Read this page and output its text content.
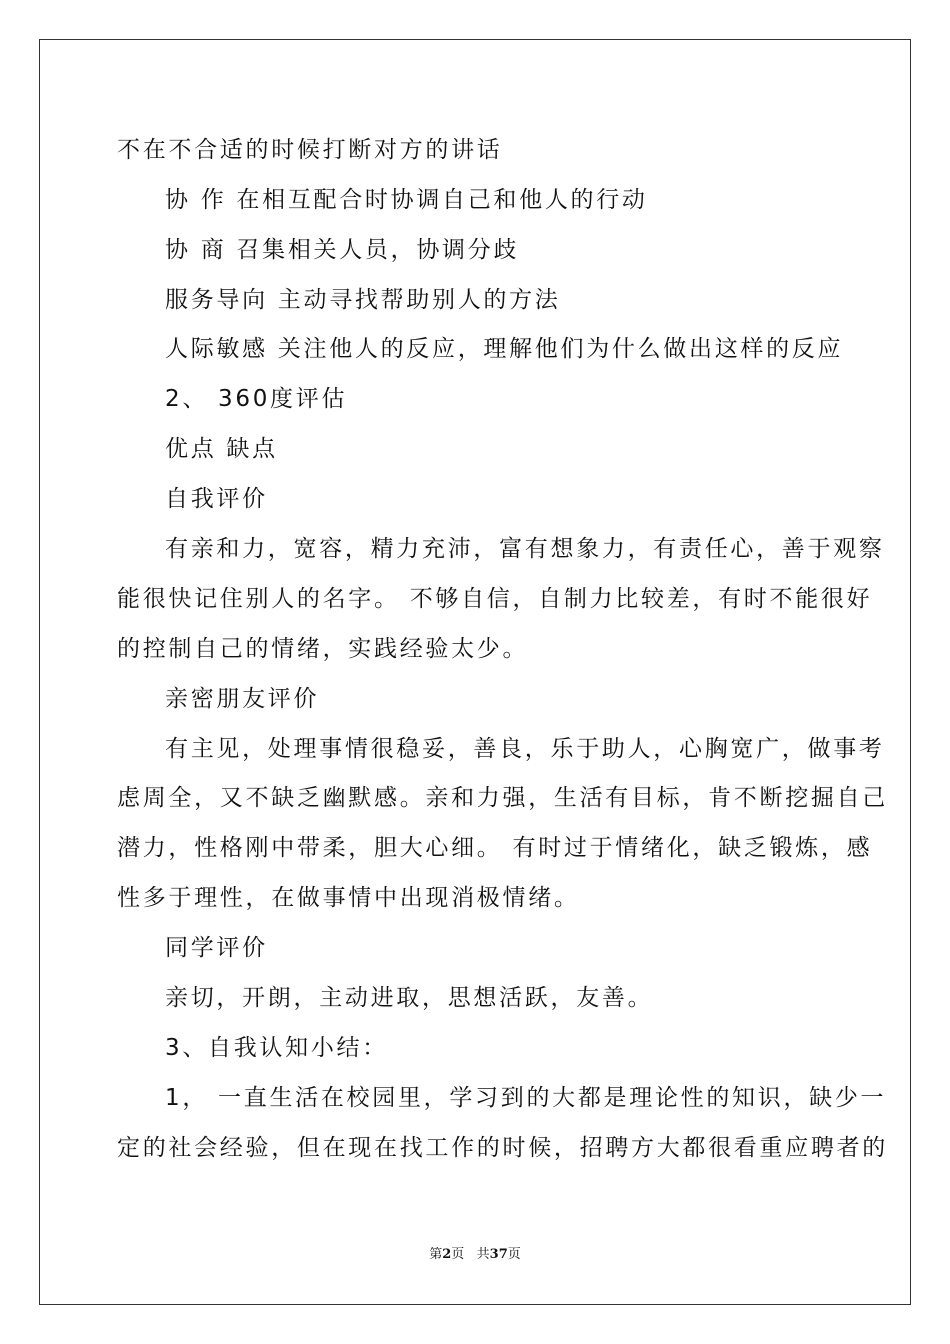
不在不合适的时候打断对方的讲话
协 作 在相互配合时协调自己和他人的行动
协 商 召集相关人员，协调分歧
服务导向 主动寻找帮助别人的方法
人际敏感 关注他人的反应，理解他们为什么做出这样的反应
2、 360度评估
优点 缺点
自我评价
有亲和力，宽容，精力充沛，富有想象力，有责任心，善于观察
能很快记住别人的名字。 不够自信，自制力比较差，有时不能很好
的控制自己的情绪，实践经验太少。
亲密朋友评价
有主见，处理事情很稳妥，善良，乐于助人，心胸宽广，做事考
虑周全，又不缺乏幽默感。亲和力强，生活有目标，肯不断挖掘自己
潜力，性格刚中带柔，胆大心细。 有时过于情绪化，缺乏锻炼，感
性多于理性，在做事情中出现消极情绪。
同学评价
亲切，开朗，主动进取，思想活跃，友善。
3、自我认知小结：
1， 一直生活在校园里，学习到的大都是理论性的知识，缺少一
定的社会经验，但在现在找工作的时候，招聘方大都很看重应聘者的
第2页   共37页
